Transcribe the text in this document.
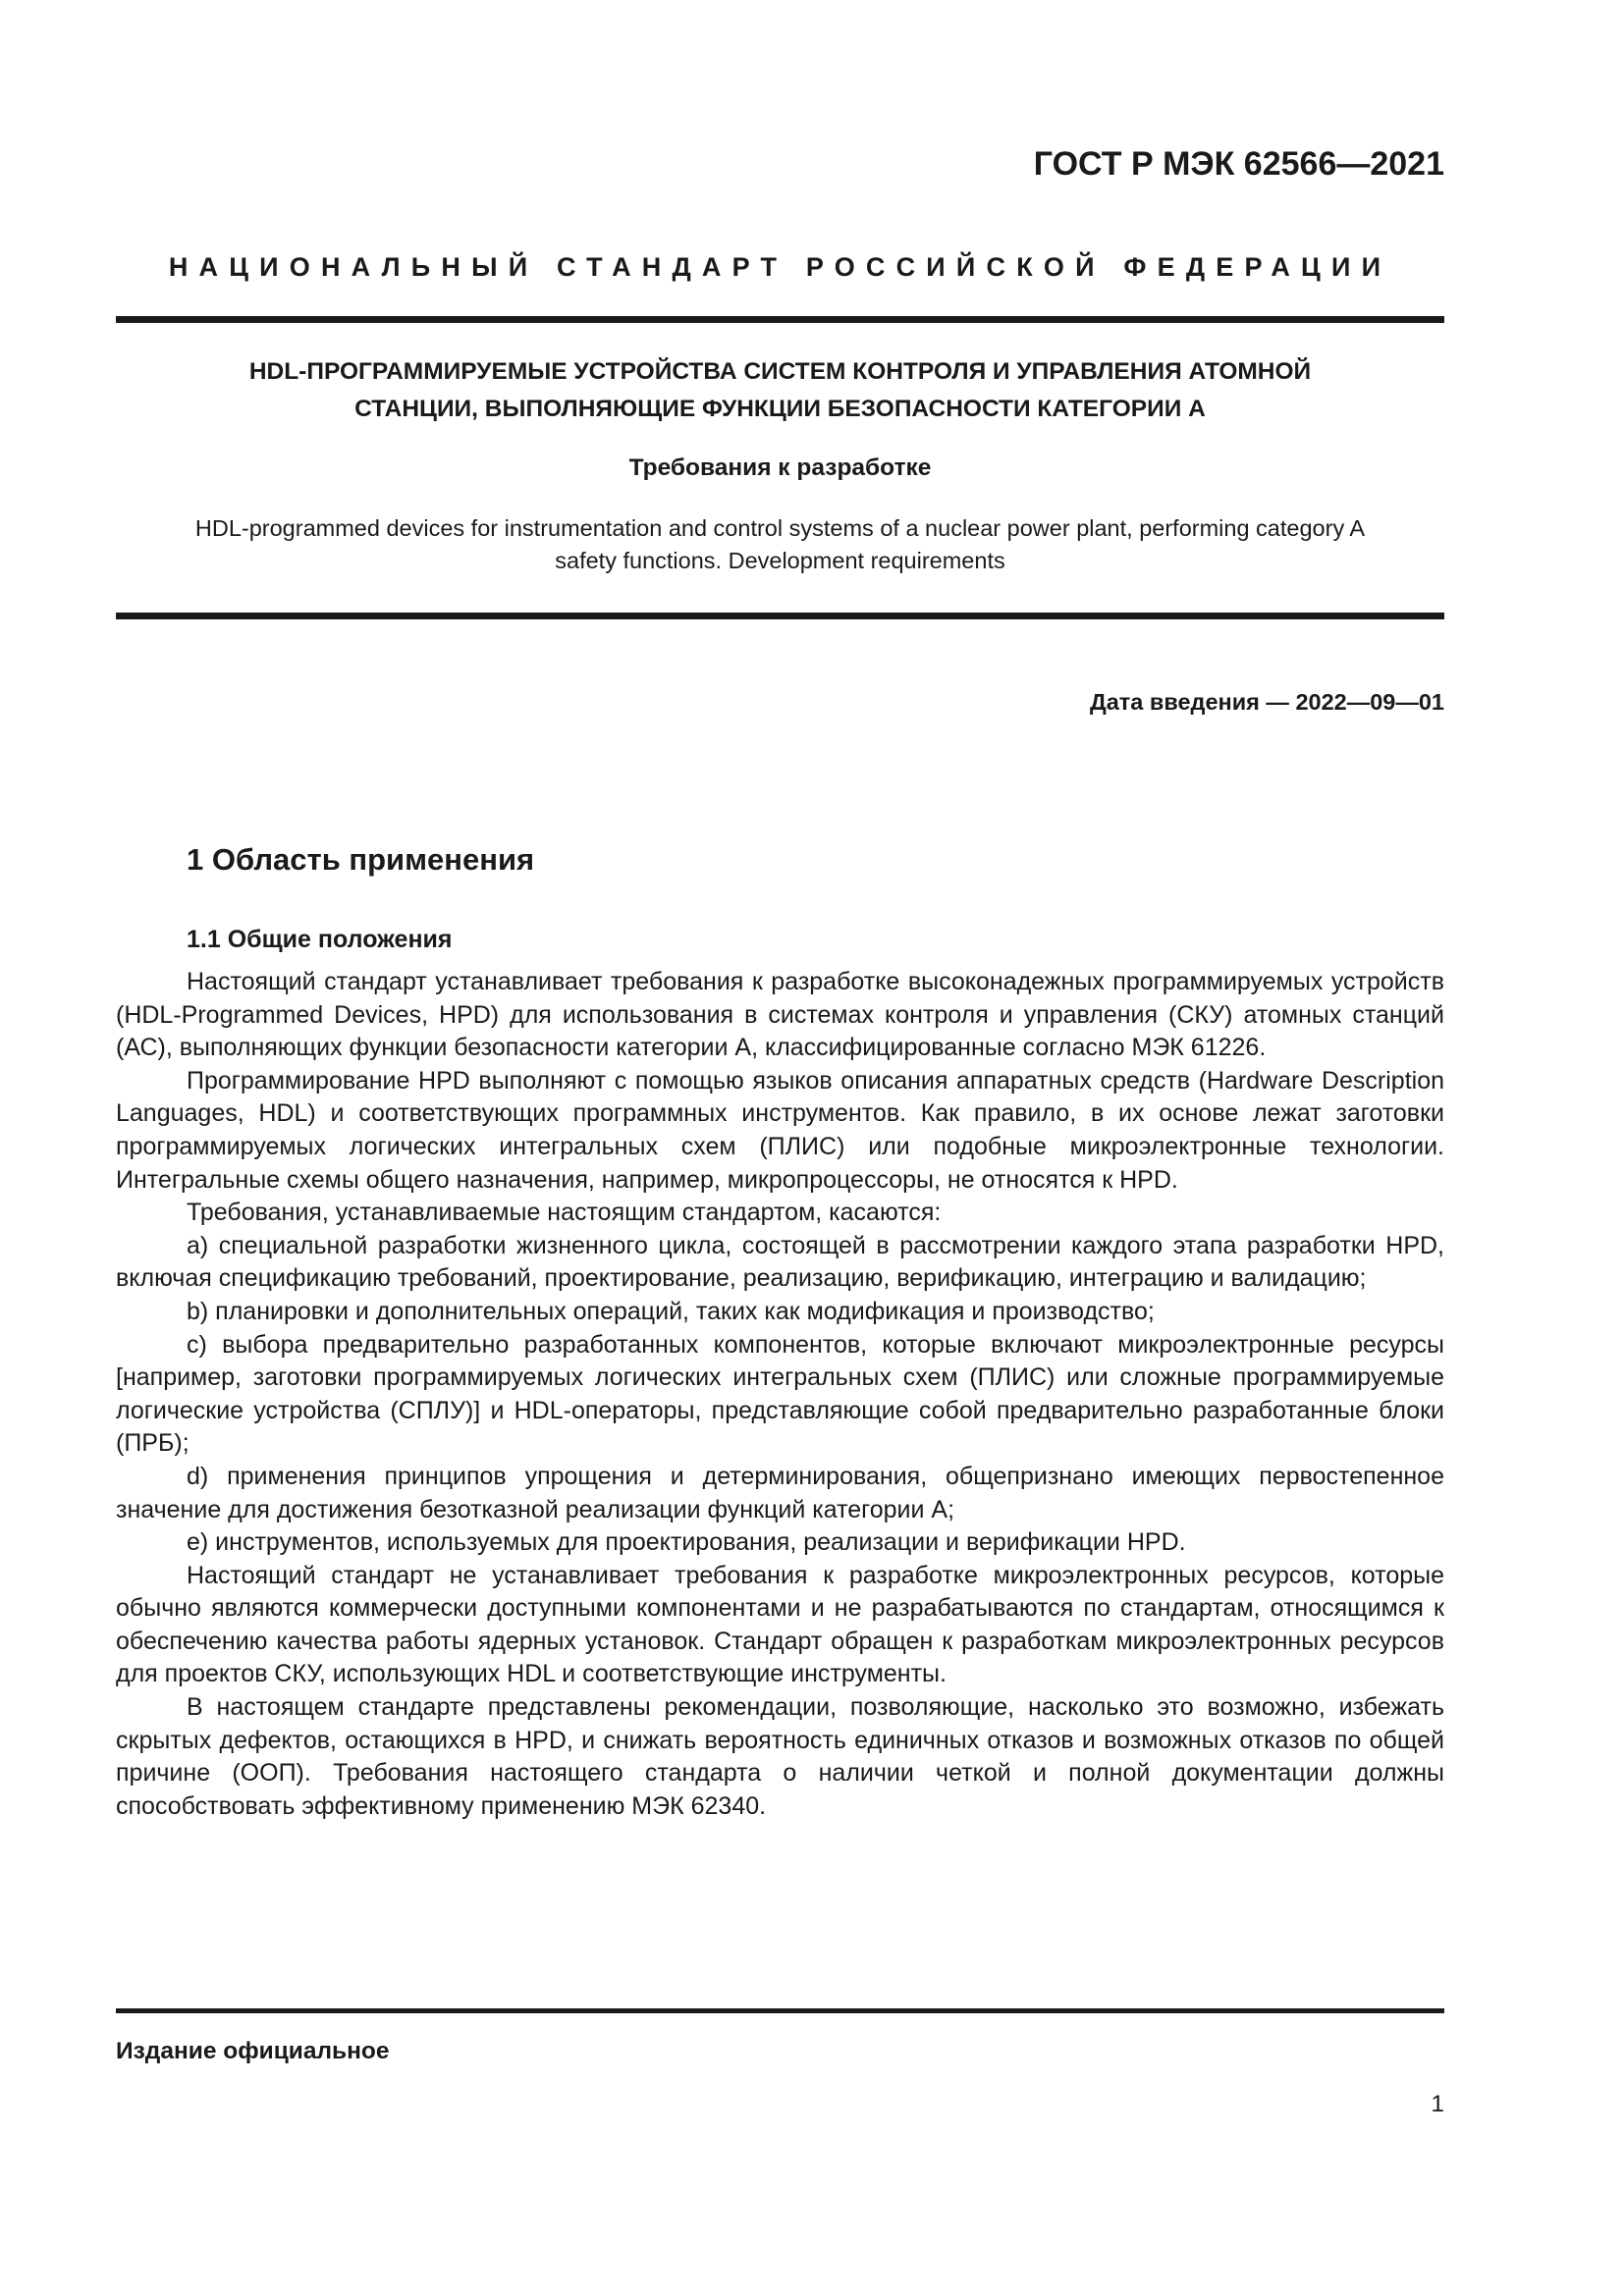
ГОСТ Р МЭК 62566—2021
НАЦИОНАЛЬНЫЙ СТАНДАРТ РОССИЙСКОЙ ФЕДЕРАЦИИ
HDL-ПРОГРАММИРУЕМЫЕ УСТРОЙСТВА СИСТЕМ КОНТРОЛЯ И УПРАВЛЕНИЯ АТОМНОЙ
СТАНЦИИ, ВЫПОЛНЯЮЩИЕ ФУНКЦИИ БЕЗОПАСНОСТИ КАТЕГОРИИ А
Требования к разработке
HDL-programmed devices for instrumentation and control systems of a nuclear power plant, performing category A
safety functions. Development requirements
Дата введения — 2022—09—01
1 Область применения
1.1 Общие положения

Настоящий стандарт устанавливает требования к разработке высоконадежных программируемых устройств (HDL-Programmed Devices, HPD) для использования в системах контроля и управления (СКУ) атомных станций (АС), выполняющих функции безопасности категории А, классифицированные согласно МЭК 61226.

Программирование HPD выполняют с помощью языков описания аппаратных средств (Hardware Description Languages, HDL) и соответствующих программных инструментов. Как правило, в их основе лежат заготовки программируемых логических интегральных схем (ПЛИС) или подобные микроэлектронные технологии. Интегральные схемы общего назначения, например, микропроцессоры, не относятся к HPD.

Требования, устанавливаемые настоящим стандартом, касаются:

a) специальной разработки жизненного цикла, состоящей в рассмотрении каждого этапа разработки HPD, включая спецификацию требований, проектирование, реализацию, верификацию, интеграцию и валидацию;

b) планировки и дополнительных операций, таких как модификация и производство;

c) выбора предварительно разработанных компонентов, которые включают микроэлектронные ресурсы [например, заготовки программируемых логических интегральных схем (ПЛИС) или сложные программируемые логические устройства (СПЛУ)] и HDL-операторы, представляющие собой предварительно разработанные блоки (ПРБ);

d) применения принципов упрощения и детерминирования, общепризнано имеющих первостепенное значение для достижения безотказной реализации функций категории А;

e) инструментов, используемых для проектирования, реализации и верификации HPD.

Настоящий стандарт не устанавливает требования к разработке микроэлектронных ресурсов, которые обычно являются коммерчески доступными компонентами и не разрабатываются по стандартам, относящимся к обеспечению качества работы ядерных установок. Стандарт обращен к разработкам микроэлектронных ресурсов для проектов СКУ, использующих HDL и соответствующие инструменты.

В настоящем стандарте представлены рекомендации, позволяющие, насколько это возможно, избежать скрытых дефектов, остающихся в HPD, и снижать вероятность единичных отказов и возможных отказов по общей причине (ООП). Требования настоящего стандарта о наличии четкой и полной документации должны способствовать эффективному применению МЭК 62340.

Издание официальное
1
